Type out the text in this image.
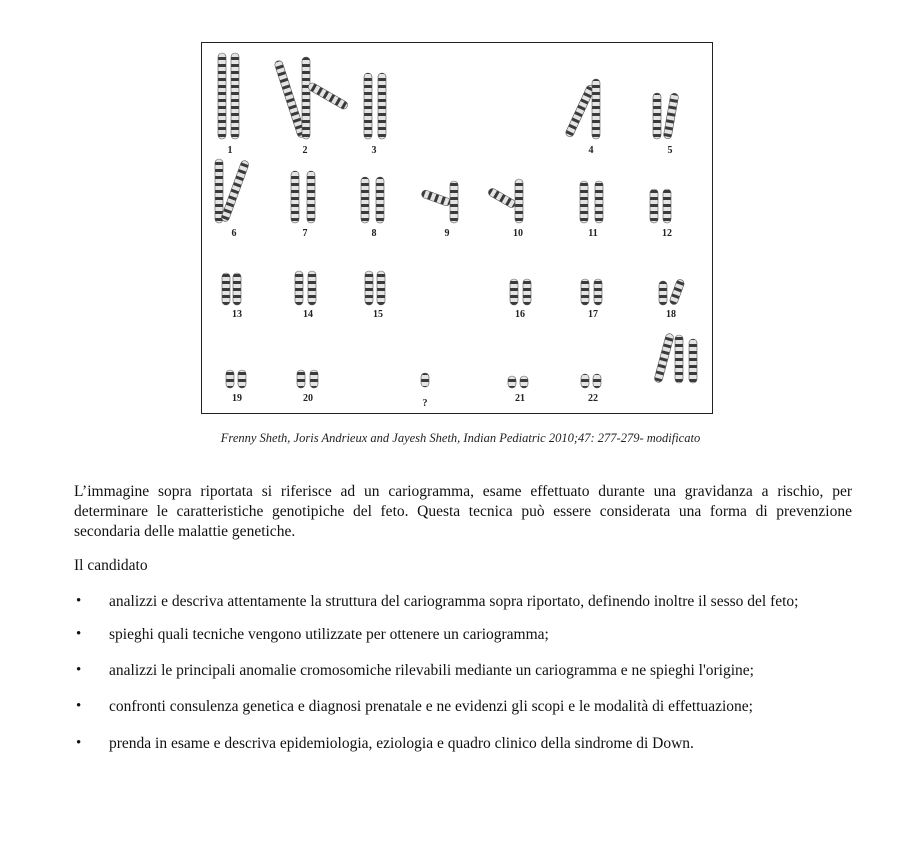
1	2	3	4	5
6	7	8	9	10	11	12
13	14	15	16	17	18
19	20	?	21	22
Frenny Sheth, Joris Andrieux and Jayesh Sheth, Indian Pediatric 2010;47: 277-279- modificato

L’immagine sopra riportata si riferisce ad un cariogramma, esame effettuato durante una gravidanza a rischio, per determinare le caratteristiche genotipiche del feto. Questa tecnica può essere considerata una forma di prevenzione secondaria delle malattie genetiche.

Il candidato

• analizzi e descriva attentamente la struttura del cariogramma sopra riportato, definendo inoltre il sesso del feto;
• spieghi quali tecniche vengono utilizzate per ottenere un cariogramma;
• analizzi le principali anomalie cromosomiche rilevabili mediante un cariogramma e ne spieghi l'origine;
• confronti consulenza genetica e diagnosi prenatale e ne evidenzi gli scopi e le modalità di effettuazione;
• prenda in esame e descriva epidemiologia, eziologia e quadro clinico della sindrome di Down.
